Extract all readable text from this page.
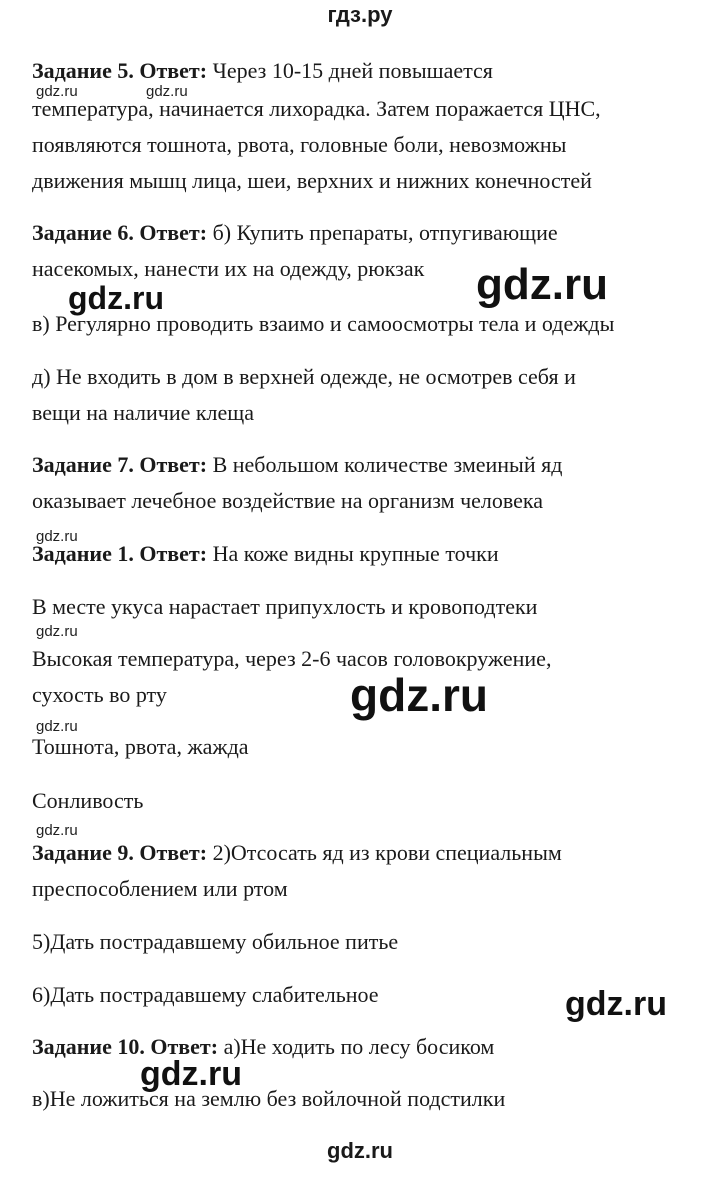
гдз.ру
Задание 5. Ответ: Через 10-15 дней повышается
температура, начинается лихорадка. Затем поражается ЦНС,
появляются тошнота, рвота, головные боли, невозможны
движения мышц лица, шеи, верхних и нижних конечностей
Задание 6. Ответ: б) Купить препараты, отпугивающие
насекомых, нанести их на одежду, рюкзак
в) Регулярно проводить взаимо и самоосмотры тела и одежды
д) Не входить в дом в верхней одежде, не осмотрев себя и
вещи на наличие клеща
Задание 7. Ответ: В небольшом количестве змеиный яд
оказывает лечебное воздействие на организм человека
Задание 1. Ответ: На коже видны крупные точки
В месте укуса нарастает припухлость и кровоподтеки
Высокая температура, через 2-6 часов головокружение,
сухость во рту
Тошнота, рвота, жажда
Сонливость
Задание 9. Ответ: 2)Отсосать яд из крови специальным
преспособлением или ртом
5)Дать пострадавшему обильное питье
6)Дать пострадавшему слабительное
Задание 10. Ответ: а)Не ходить по лесу босиком
в)Не ложиться на землю без войлочной подстилки
gdz.ru	gdz.ru
gdz.ru
gdz.ru
gdz.ru
gdz.ru
gdz.ru	gdz.ru
gdz.ru
gdz.ru
gdz.ru
gdz.ru
